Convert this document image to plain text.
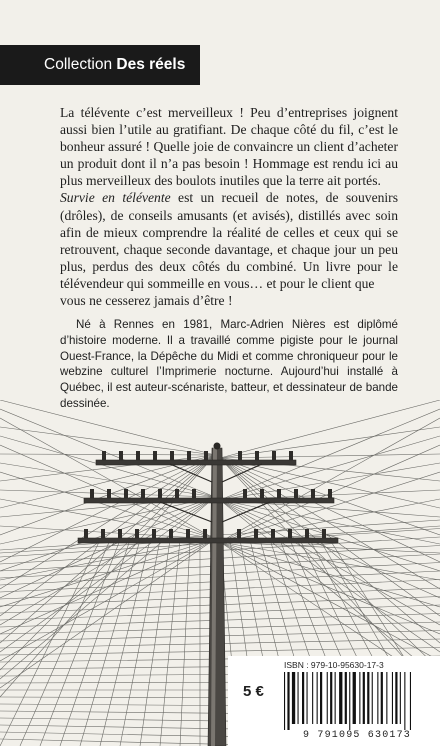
Collection Des réels

La télévente c’est merveilleux ! Peu d’entreprises joignent aussi bien l’utile au gratifiant. De chaque côté du fil, c’est le bonheur assuré ! Quelle joie de convaincre un client d’acheter un produit dont il n’a pas besoin ! Hommage est rendu ici au plus merveilleux des boulots inutiles que la terre ait portés.

Survie en télévente est un recueil de notes, de souvenirs (drôles), de conseils amusants (et avisés), distillés avec soin afin de mieux comprendre la réalité de celles et ceux qui se retrouvent, chaque seconde davantage, et chaque jour un peu plus, perdus des deux côtés du combiné. Un livre pour le télévendeur qui sommeille en vous… et pour le client que

vous ne cesserez jamais d’être !

Né à Rennes en 1981, Marc-Adrien Nières est diplômé d’histoire moderne. Il a travaillé comme pigiste pour le journal Ouest-France, la Dépêche du Midi et comme chroniqueur pour le webzine culturel l’Imprimerie nocturne. Aujourd’hui installé à Québec, il est auteur-scénariste, batteur, et dessinateur de bande dessinée.

ISBN : 979-10-95630-17-3
5 €
9 791095 630173
